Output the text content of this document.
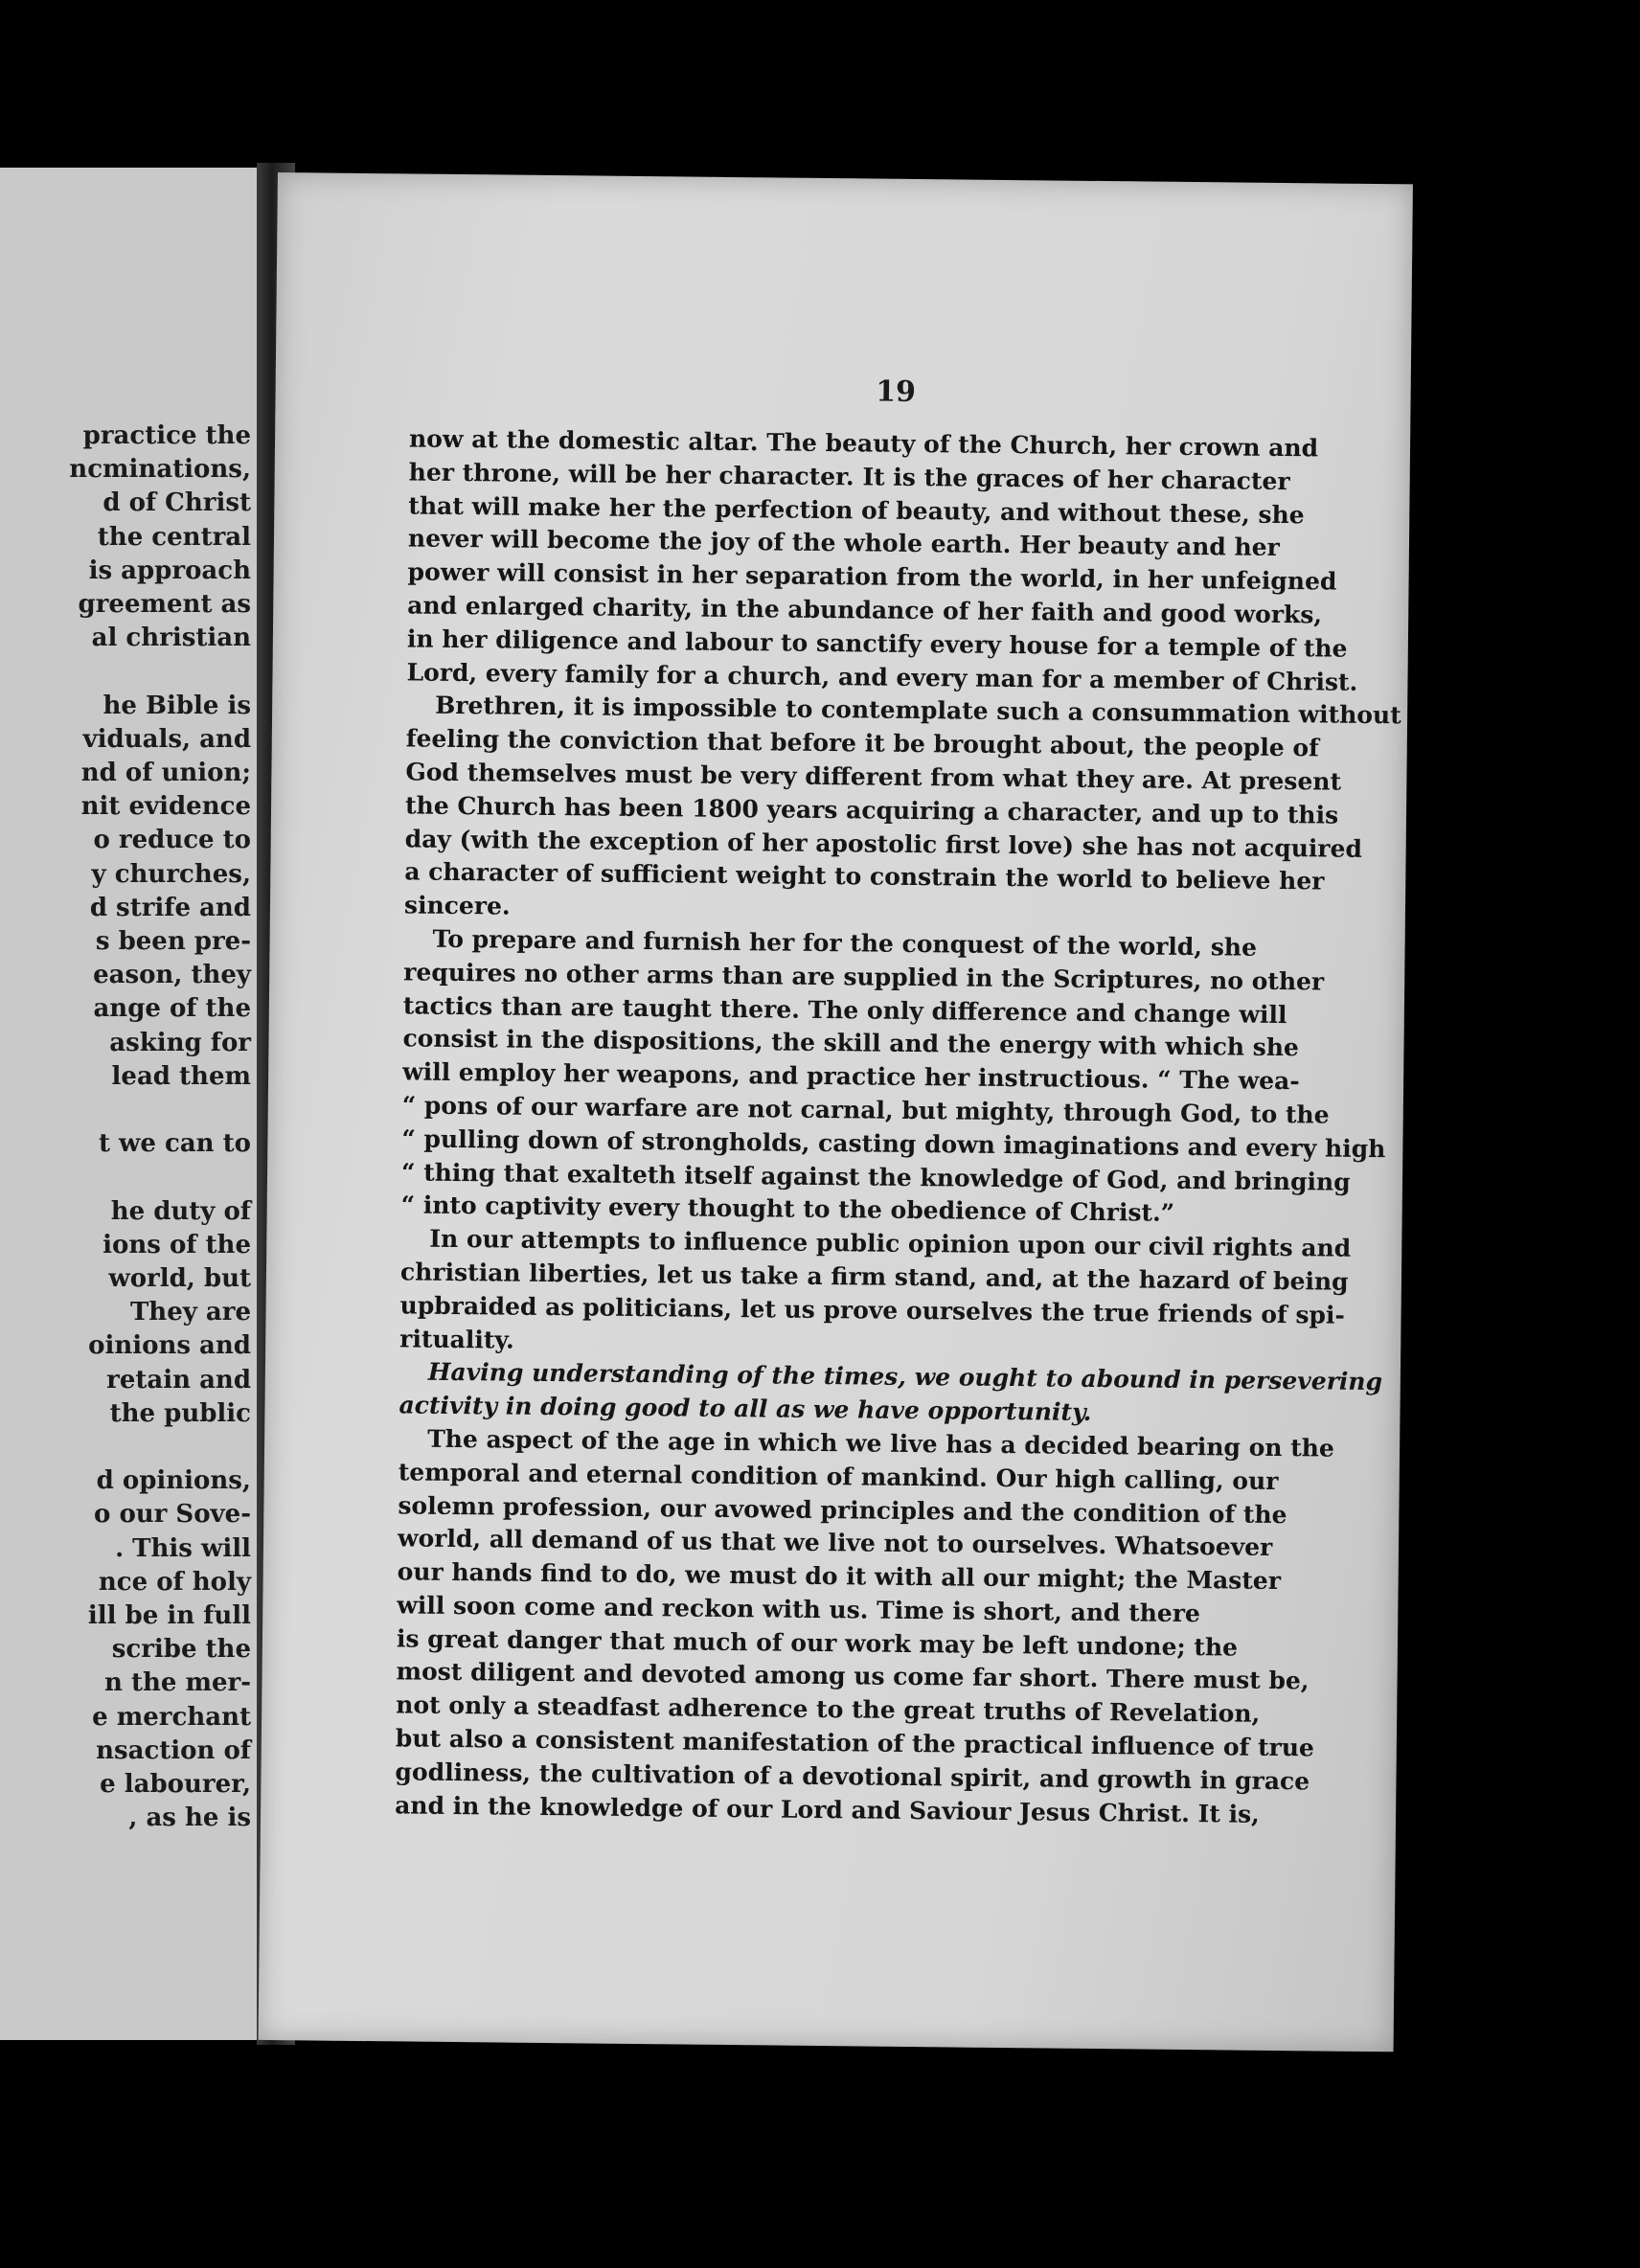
practice the
ncminations,
d of Christ
the central
is approach
greement as
al christian
he Bible is
viduals, and
nd of union;
nit evidence
o reduce to
y churches,
d strife and
s been pre-
eason, they
ange of the
asking for
lead them
t we can to
he duty of
ions of the
world, but
They are
oinions and
retain and
the public
d opinions,
o our Sove-
. This will
nce of holy
ill be in full
scribe the
n the mer-
e merchant
nsaction of
e labourer,
, as he is
19
now at the domestic altar. The beauty of the Church, her crown and
her throne, will be her character. It is the graces of her character
that will make her the perfection of beauty, and without these, she
never will become the joy of the whole earth. Her beauty and her
power will consist in her separation from the world, in her unfeigned
and enlarged charity, in the abundance of her faith and good works,
in her diligence and labour to sanctify every house for a temple of the
Lord, every family for a church, and every man for a member of Christ.
Brethren, it is impossible to contemplate such a consummation without
feeling the conviction that before it be brought about, the people of
God themselves must be very different from what they are. At present
the Church has been 1800 years acquiring a character, and up to this
day (with the exception of her apostolic first love) she has not acquired
a character of sufficient weight to constrain the world to believe her
sincere.
To prepare and furnish her for the conquest of the world, she
requires no other arms than are supplied in the Scriptures, no other
tactics than are taught there. The only difference and change will
consist in the dispositions, the skill and the energy with which she
will employ her weapons, and practice her instructious. “ The wea-
“ pons of our warfare are not carnal, but mighty, through God, to the
“ pulling down of strongholds, casting down imaginations and every high
“ thing that exalteth itself against the knowledge of God, and bringing
“ into captivity every thought to the obedience of Christ.”
In our attempts to influence public opinion upon our civil rights and
christian liberties, let us take a firm stand, and, at the hazard of being
upbraided as politicians, let us prove ourselves the true friends of spi-
rituality.
Having understanding of the times, we ought to abound in persevering
activity in doing good to all as we have opportunity.
The aspect of the age in which we live has a decided bearing on the
temporal and eternal condition of mankind. Our high calling, our
solemn profession, our avowed principles and the condition of the
world, all demand of us that we live not to ourselves. Whatsoever
our hands find to do, we must do it with all our might; the Master
will soon come and reckon with us. Time is short, and there
is great danger that much of our work may be left undone; the
most diligent and devoted among us come far short. There must be,
not only a steadfast adherence to the great truths of Revelation,
but also a consistent manifestation of the practical influence of true
godliness, the cultivation of a devotional spirit, and growth in grace
and in the knowledge of our Lord and Saviour Jesus Christ. It is,
